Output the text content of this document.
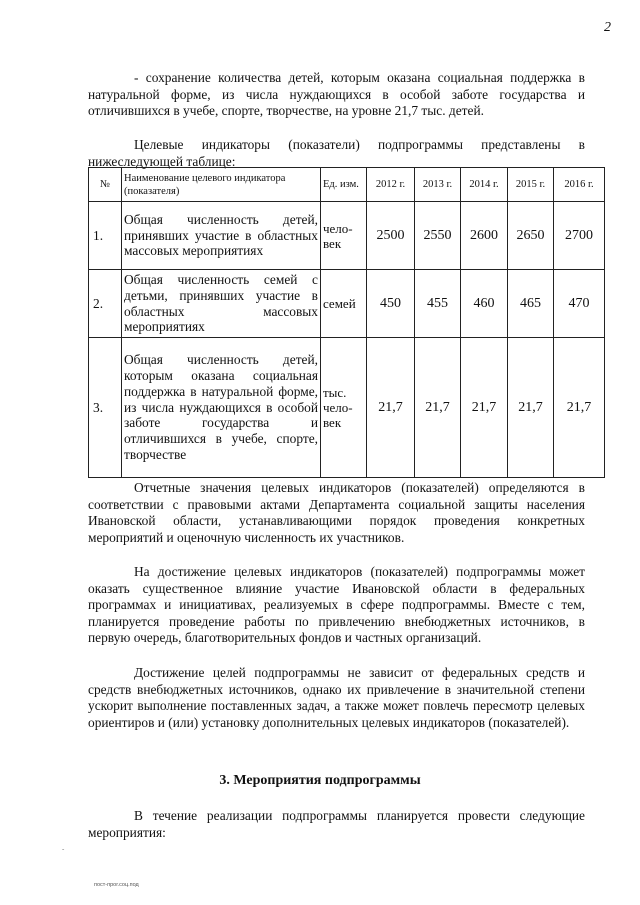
2

- сохранение количества детей, которым оказана социальная поддержка в натуральной форме, из числа нуждающихся в особой заботе государства и отличившихся в учебе, спорте, творчестве, на уровне 21,7 тыс. детей.

Целевые индикаторы (показатели) подпрограммы представлены в нижеследующей таблице:

№	Наименование целевого индикатора (показателя)	Ед. изм.	2012 г.	2013 г.	2014 г.	2015 г.	2016 г.
1.	Общая численность детей, принявших участие в областных массовых мероприятиях	чело-век	2500	2550	2600	2650	2700
2.	Общая численность семей с детьми, принявших участие в областных массовых мероприятиях	семей	450	455	460	465	470
3.	Общая численность детей, которым оказана социальная поддержка в натуральной форме, из числа нуждающихся в особой заботе государства и отличившихся в учебе, спорте, творчестве	тыс. чело-век	21,7	21,7	21,7	21,7	21,7

Отчетные значения целевых индикаторов (показателей) определяются в соответствии с правовыми актами Департамента социальной защиты населения Ивановской области, устанавливающими порядок проведения конкретных мероприятий и оценочную численность их участников.

На достижение целевых индикаторов (показателей) подпрограммы может оказать существенное влияние участие Ивановской области в федеральных программах и инициативах, реализуемых в сфере подпрограммы. Вместе с тем, планируется проведение работы по привлечению внебюджетных источников, в первую очередь, благотворительных фондов и частных организаций.

Достижение целей подпрограммы не зависит от федеральных средств и средств внебюджетных источников, однако их привлечение в значительной степени ускорит выполнение поставленных задач, а также может повлечь пересмотр целевых ориентиров и (или) установку дополнительных целевых индикаторов (показателей).

3. Мероприятия подпрограммы

В течение реализации подпрограммы планируется провести следующие мероприятия:

-
пост-прог.соц.под
